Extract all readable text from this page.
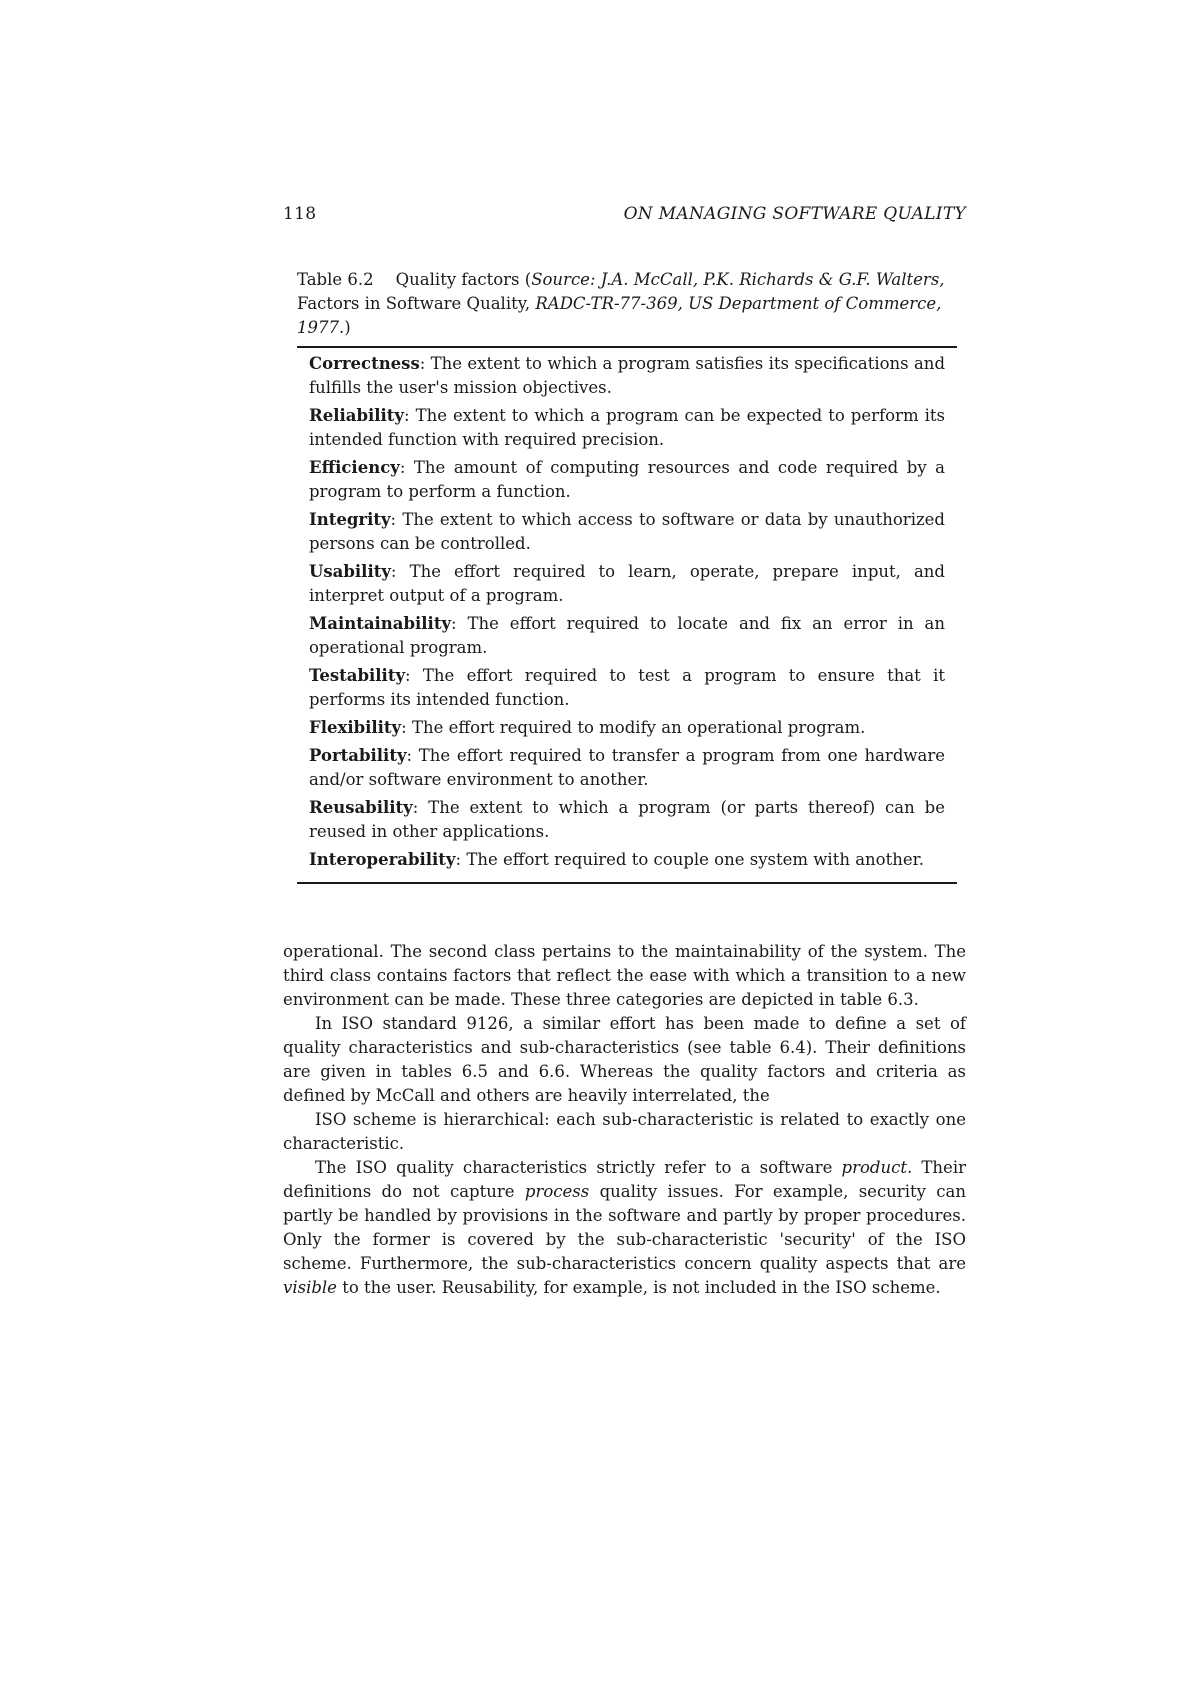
118	ON MANAGING SOFTWARE QUALITY
Table 6.2 Quality factors (Source: J.A. McCall, P.K. Richards & G.F. Walters, Factors in Software Quality, RADC-TR-77-369, US Department of Commerce, 1977.)
Correctness: The extent to which a program satisfies its specifications and fulfills the user's mission objectives.
Reliability: The extent to which a program can be expected to perform its intended function with required precision.
Efficiency: The amount of computing resources and code required by a program to perform a function.
Integrity: The extent to which access to software or data by unauthorized persons can be controlled.
Usability: The effort required to learn, operate, prepare input, and interpret output of a program.
Maintainability: The effort required to locate and fix an error in an operational program.
Testability: The effort required to test a program to ensure that it performs its intended function.
Flexibility: The effort required to modify an operational program.
Portability: The effort required to transfer a program from one hardware and/or software environment to another.
Reusability: The extent to which a program (or parts thereof) can be reused in other applications.
Interoperability: The effort required to couple one system with another.

operational. The second class pertains to the maintainability of the system. The third class contains factors that reflect the ease with which a transition to a new environment can be made. These three categories are depicted in table 6.3.

In ISO standard 9126, a similar effort has been made to define a set of quality characteristics and sub-characteristics (see table 6.4). Their definitions are given in tables 6.5 and 6.6. Whereas the quality factors and criteria as defined by McCall and others are heavily interrelated, the

ISO scheme is hierarchical: each sub-characteristic is related to exactly one characteristic.

The ISO quality characteristics strictly refer to a software product. Their definitions do not capture process quality issues. For example, security can partly be handled by provisions in the software and partly by proper procedures. Only the former is covered by the sub-characteristic 'security' of the ISO scheme. Furthermore, the sub-characteristics concern quality aspects that are visible to the user. Reusability, for example, is not included in the ISO scheme.
